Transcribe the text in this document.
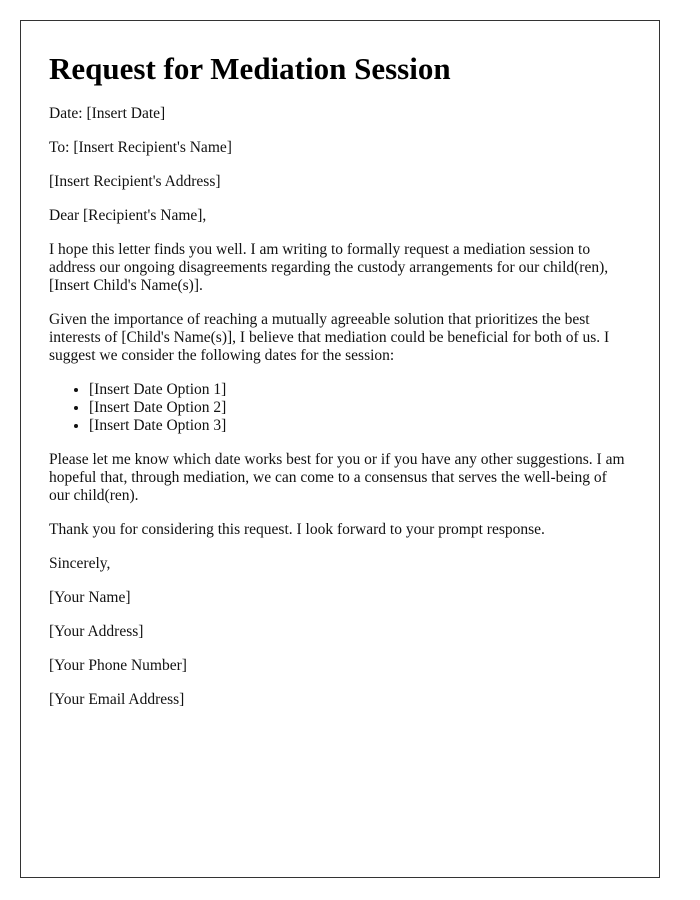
Request for Mediation Session

Date: [Insert Date]

To: [Insert Recipient's Name]

[Insert Recipient's Address]

Dear [Recipient's Name],

I hope this letter finds you well. I am writing to formally request a mediation session to address our ongoing disagreements regarding the custody arrangements for our child(ren), [Insert Child's Name(s)].

Given the importance of reaching a mutually agreeable solution that prioritizes the best interests of [Child's Name(s)], I believe that mediation could be beneficial for both of us. I suggest we consider the following dates for the session:

• [Insert Date Option 1]
• [Insert Date Option 2]
• [Insert Date Option 3]

Please let me know which date works best for you or if you have any other suggestions. I am hopeful that, through mediation, we can come to a consensus that serves the well-being of our child(ren).

Thank you for considering this request. I look forward to your prompt response.

Sincerely,

[Your Name]

[Your Address]

[Your Phone Number]

[Your Email Address]
